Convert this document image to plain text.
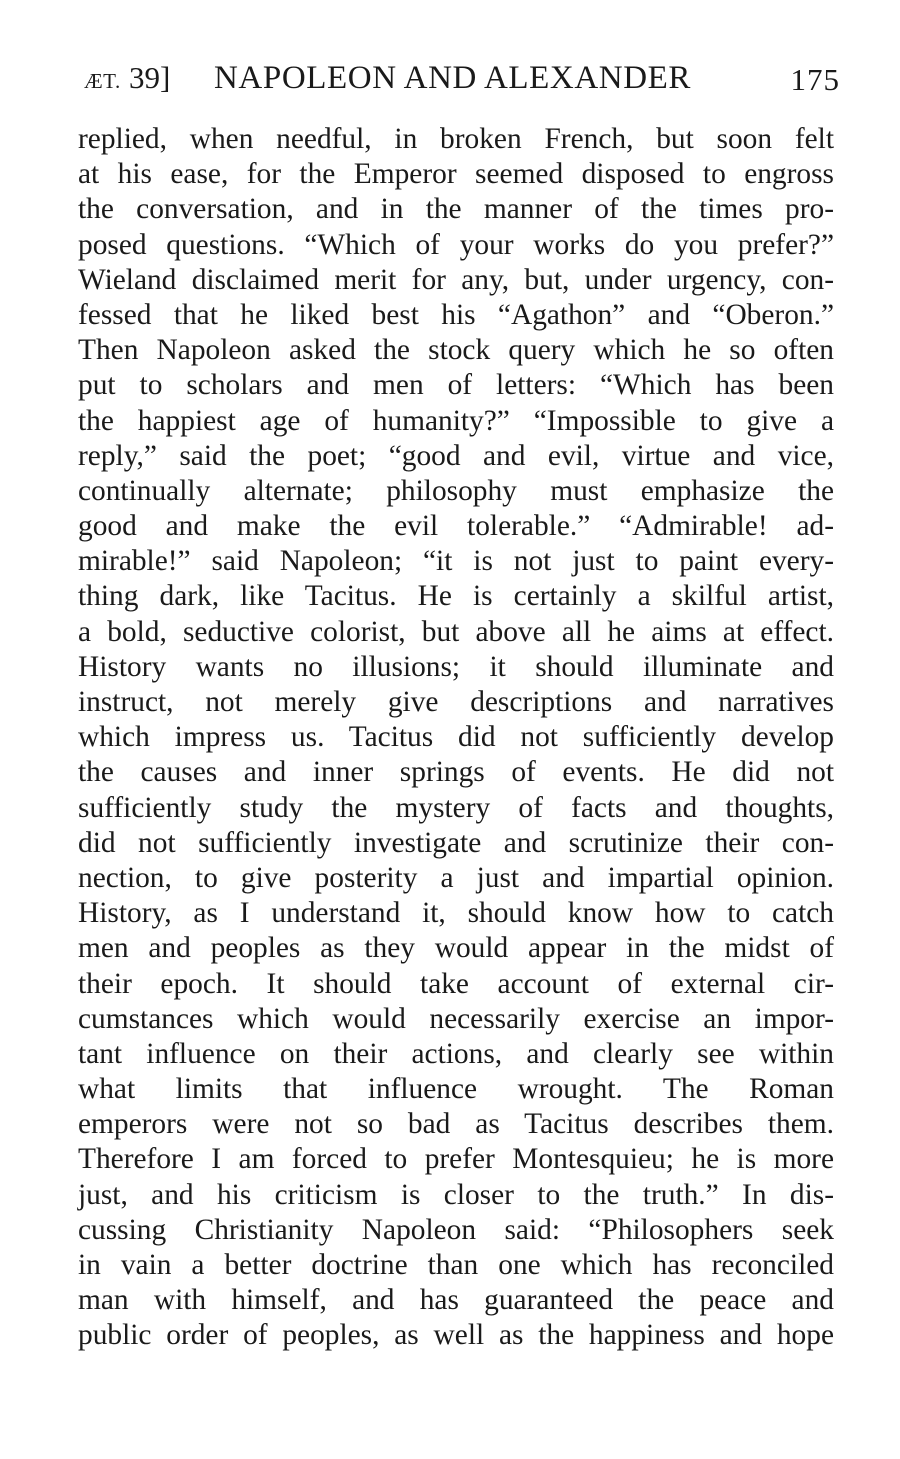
ÆT. 39] NAPOLEON AND ALEXANDER	175
replied, when needful, in broken French, but soon felt
at his ease, for the Emperor seemed disposed to engross
the conversation, and in the manner of the times pro-
posed questions. “Which of your works do you prefer?”
Wieland disclaimed merit for any, but, under urgency, con-
fessed that he liked best his “Agathon” and “Oberon.”
Then Napoleon asked the stock query which he so often
put to scholars and men of letters: “Which has been
the happiest age of humanity?” “Impossible to give a
reply,” said the poet; “good and evil, virtue and vice,
continually alternate; philosophy must emphasize the
good and make the evil tolerable.” “Admirable! ad-
mirable!” said Napoleon; “it is not just to paint every-
thing dark, like Tacitus. He is certainly a skilful artist,
a bold, seductive colorist, but above all he aims at effect.
History wants no illusions; it should illuminate and
instruct, not merely give descriptions and narratives
which impress us. Tacitus did not sufficiently develop
the causes and inner springs of events. He did not
sufficiently study the mystery of facts and thoughts,
did not sufficiently investigate and scrutinize their con-
nection, to give posterity a just and impartial opinion.
History, as I understand it, should know how to catch
men and peoples as they would appear in the midst of
their epoch. It should take account of external cir-
cumstances which would necessarily exercise an impor-
tant influence on their actions, and clearly see within
what limits that influence wrought. The Roman
emperors were not so bad as Tacitus describes them.
Therefore I am forced to prefer Montesquieu; he is more
just, and his criticism is closer to the truth.” In dis-
cussing Christianity Napoleon said: “Philosophers seek
in vain a better doctrine than one which has reconciled
man with himself, and has guaranteed the peace and
public order of peoples, as well as the happiness and hope
